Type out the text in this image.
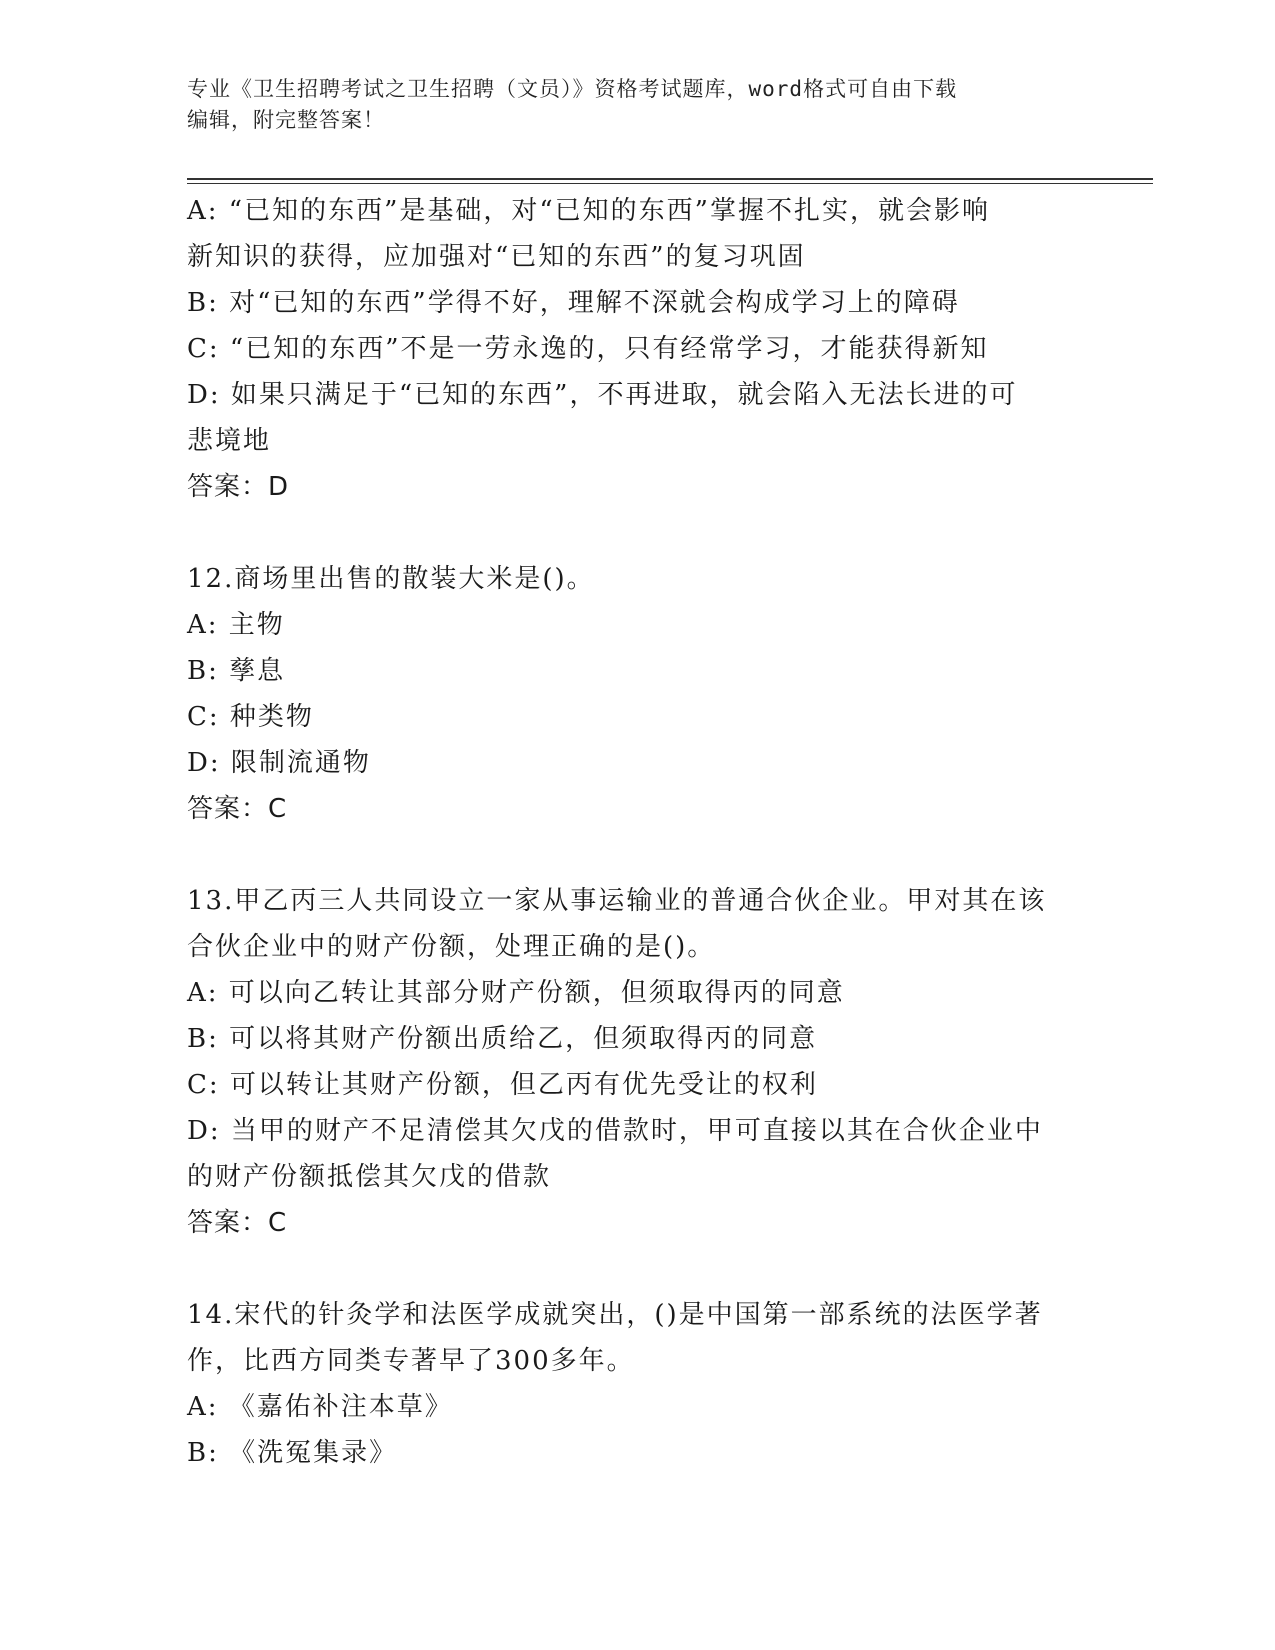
专业《卫生招聘考试之卫生招聘（文员）》资格考试题库，word格式可自由下载
编辑，附完整答案！

A: “已知的东西”是基础，对“已知的东西”掌握不扎实，就会影响

新知识的获得，应加强对“已知的东西”的复习巩固

B: 对“已知的东西”学得不好，理解不深就会构成学习上的障碍

C: “已知的东西”不是一劳永逸的，只有经常学习，才能获得新知

D: 如果只满足于“已知的东西”，不再进取，就会陷入无法长进的可

悲境地

答案：D

12.商场里出售的散装大米是()。

A: 主物

B: 孳息

C: 种类物

D: 限制流通物

答案：C

13.甲乙丙三人共同设立一家从事运输业的普通合伙企业。甲对其在该

合伙企业中的财产份额，处理正确的是()。

A: 可以向乙转让其部分财产份额，但须取得丙的同意

B: 可以将其财产份额出质给乙，但须取得丙的同意

C: 可以转让其财产份额，但乙丙有优先受让的权利

D: 当甲的财产不足清偿其欠戊的借款时，甲可直接以其在合伙企业中

的财产份额抵偿其欠戊的借款

答案：C

14.宋代的针灸学和法医学成就突出，()是中国第一部系统的法医学著

作，比西方同类专著早了300多年。

A: 《嘉佑补注本草》

B: 《洗冤集录》
